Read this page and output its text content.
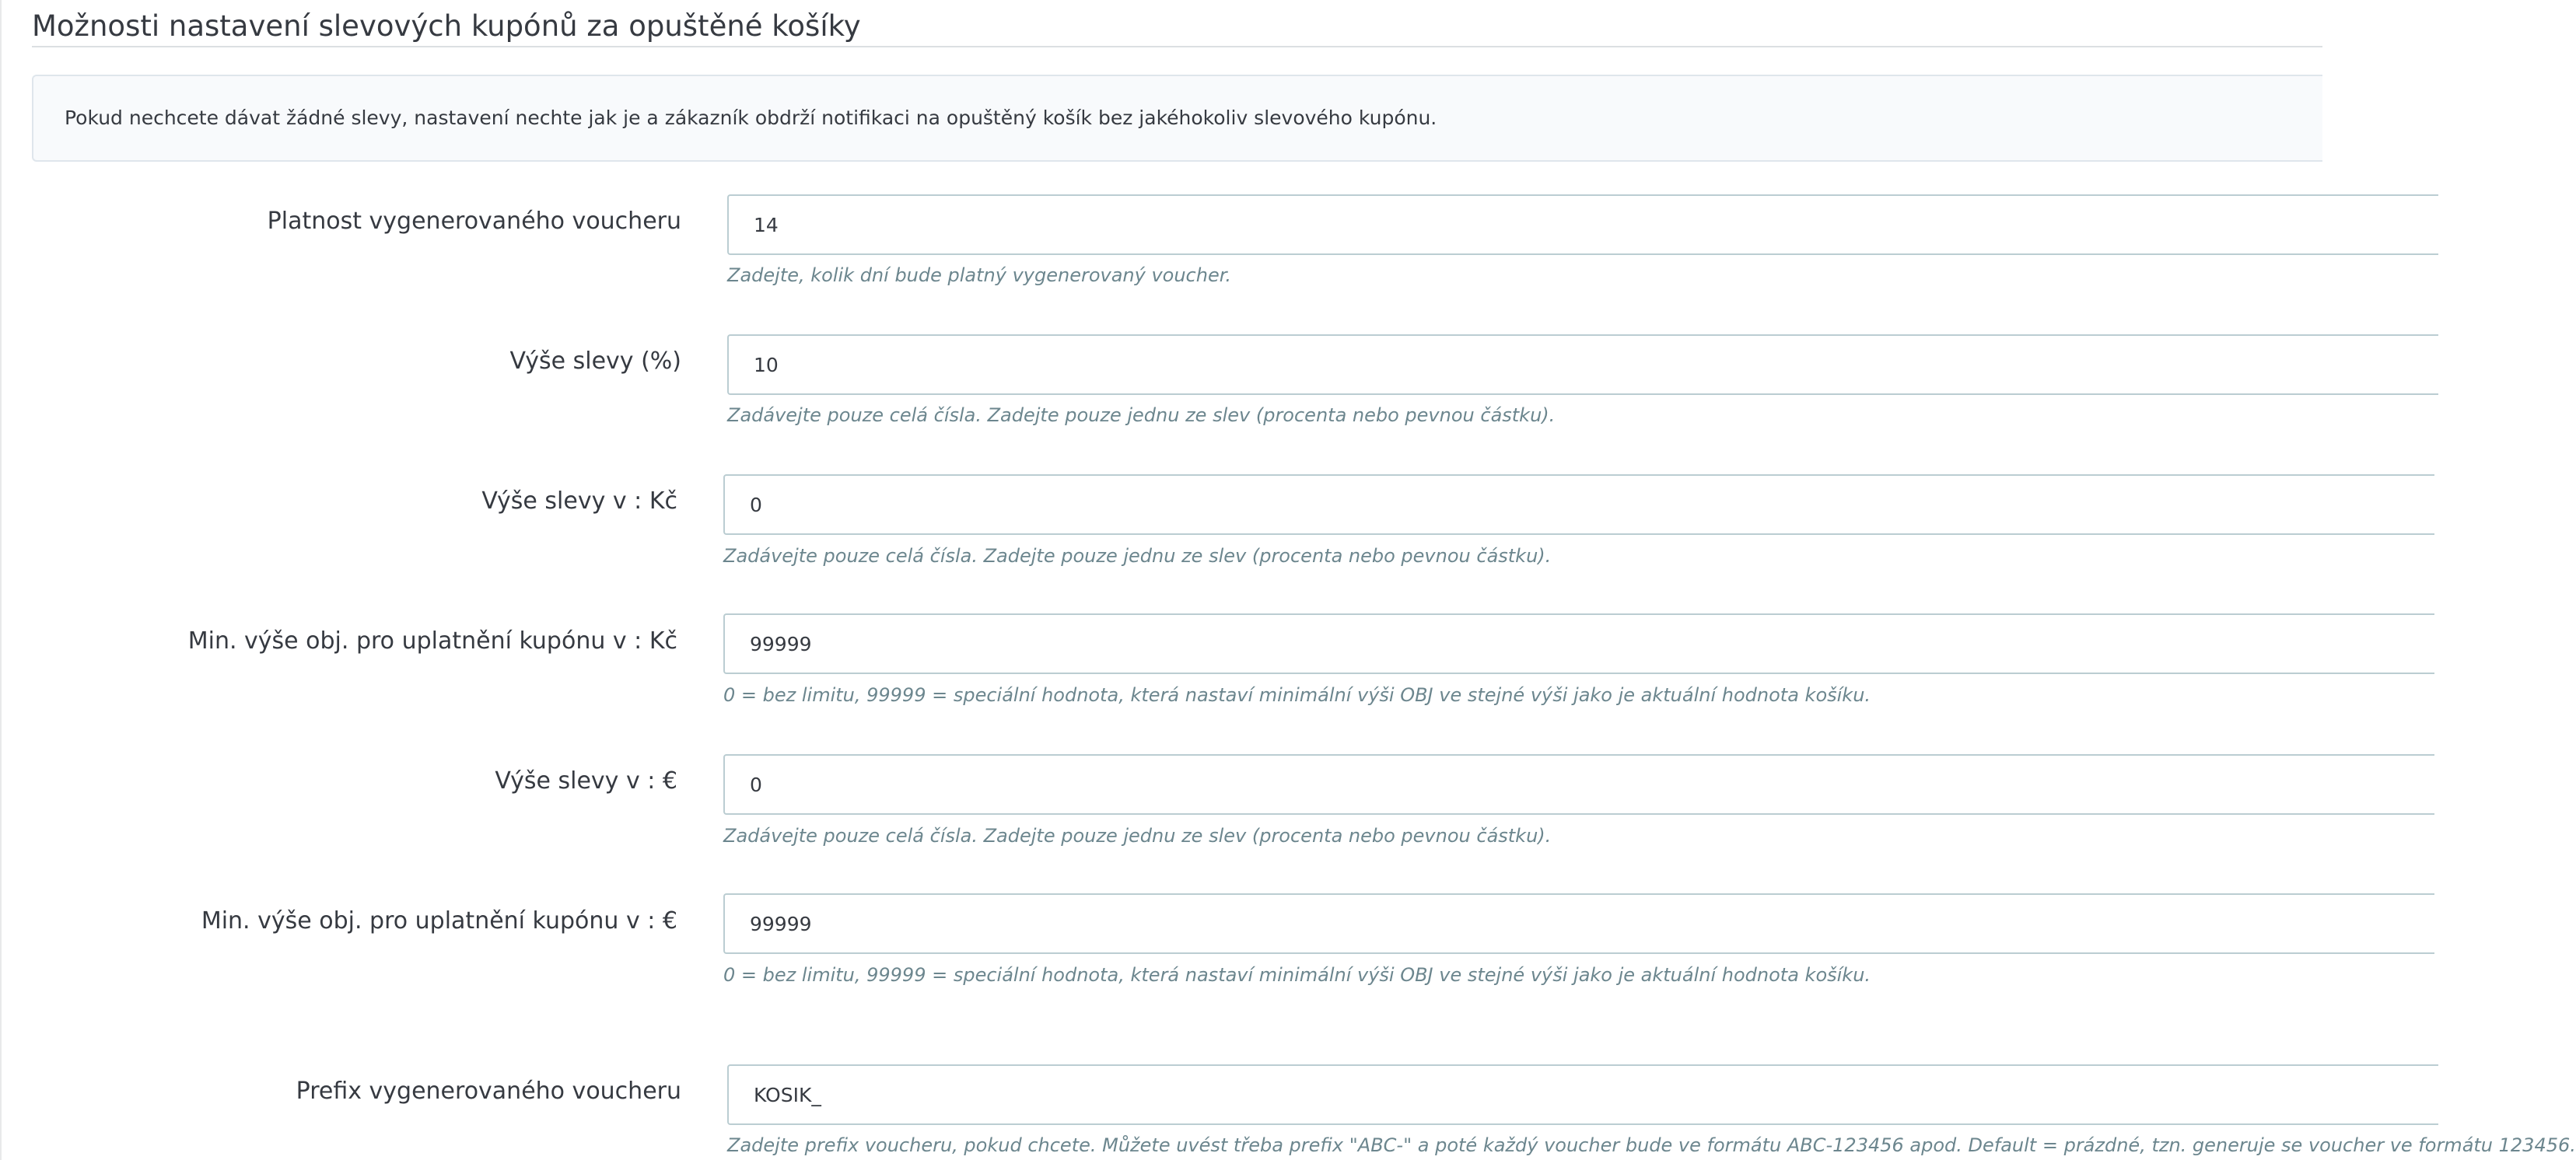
Možnosti nastavení slevových kupónů za opuštěné košíky
Pokud nechcete dávat žádné slevy, nastavení nechte jak je a zákazník obdrží notifikaci na opuštěný košík bez jakéhokoliv slevového kupónu.
Platnost vygenerovaného voucheru
14
Zadejte, kolik dní bude platný vygenerovaný voucher.
Výše slevy (%)
10
Zadávejte pouze celá čísla. Zadejte pouze jednu ze slev (procenta nebo pevnou částku).
Výše slevy v : Kč
0
Zadávejte pouze celá čísla. Zadejte pouze jednu ze slev (procenta nebo pevnou částku).
Min. výše obj. pro uplatnění kupónu v : Kč
99999
0 = bez limitu, 99999 = speciální hodnota, která nastaví minimální výši OBJ ve stejné výši jako je aktuální hodnota košíku.
Výše slevy v : €
0
Zadávejte pouze celá čísla. Zadejte pouze jednu ze slev (procenta nebo pevnou částku).
Min. výše obj. pro uplatnění kupónu v : €
99999
0 = bez limitu, 99999 = speciální hodnota, která nastaví minimální výši OBJ ve stejné výši jako je aktuální hodnota košíku.
Prefix vygenerovaného voucheru
KOSIK_
Zadejte prefix voucheru, pokud chcete. Můžete uvést třeba prefix "ABC-" a poté každý voucher bude ve formátu ABC-123456 apod. Default = prázdné, tzn. generuje se voucher ve formátu 123456.
